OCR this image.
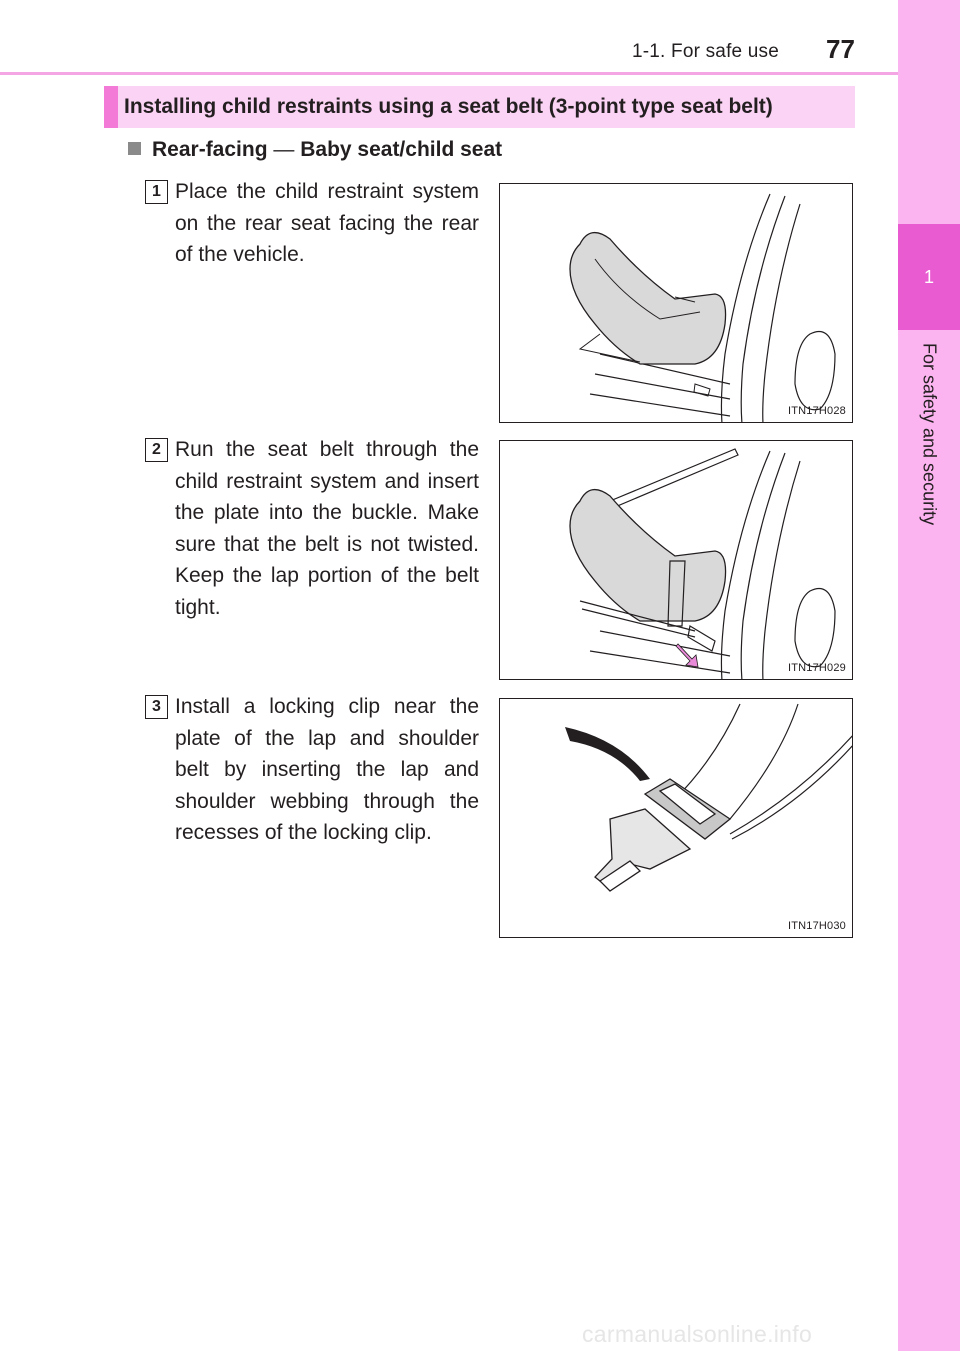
1-1. For safe use 77
1
For safety and security
Installing child restraints using a seat belt (3-point type seat belt)
Rear-facing — Baby seat/child seat
1 Place the child restraint system on the rear seat facing the rear of the vehicle.
ITN17H028
2 Run the seat belt through the child restraint system and insert the plate into the buckle. Make sure that the belt is not twisted. Keep the lap portion of the belt tight.
ITN17H029
3 Install a locking clip near the plate of the lap and shoulder belt by inserting the lap and shoulder webbing through the recesses of the locking clip.
ITN17H030
carmanualsonline.info
